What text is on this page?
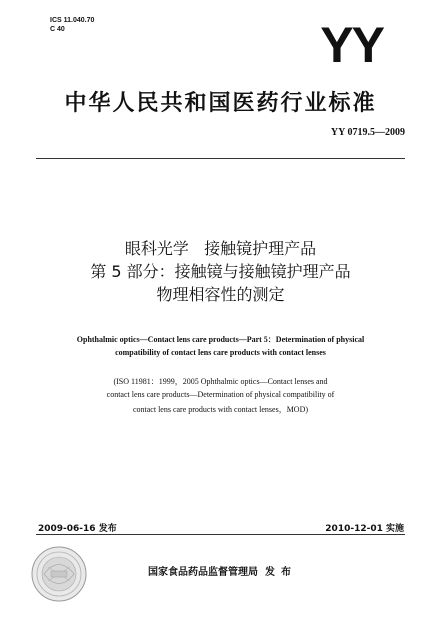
ICS 11.040.70
C 40	YY
中华人民共和国医药行业标准
YY 0719.5—2009
眼科光学   接触镜护理产品
第 5 部分：接触镜与接触镜护理产品
物理相容性的测定
Ophthalmic optics—Contact lens care products—Part 5：Determination of physical
compatibility of contact lens care products with contact lenses
(ISO 11981：1999，2005 Ophthalmic optics—Contact lenses and
contact lens care products—Determination of physical compatibility of
contact lens care products with contact lenses，MOD)
2009-06-16 发布	2010-12-01 实施
国家食品药品监督管理局 发布
